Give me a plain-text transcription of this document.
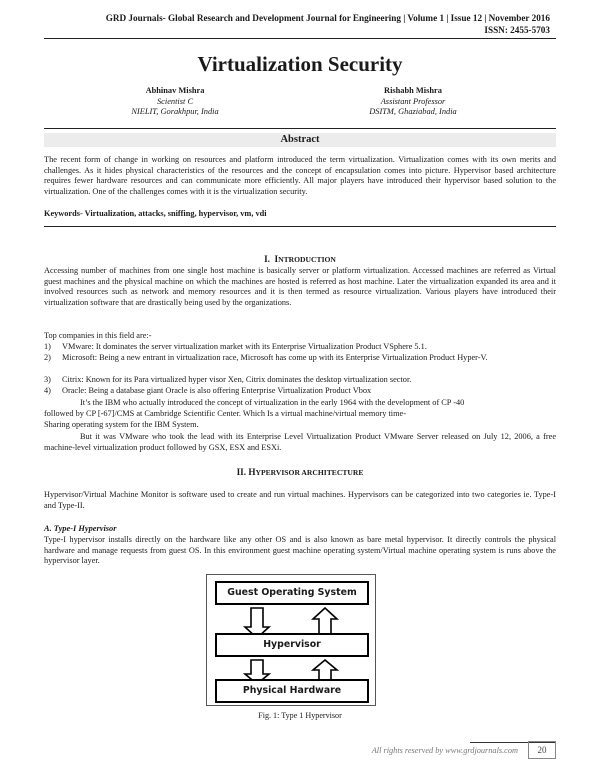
GRD Journals- Global Research and Development Journal for Engineering | Volume 1 | Issue 12 | November 2016
ISSN: 2455-5703
Virtualization Security
Abhinav Mishra
Scientist C
NIELIT, Gorakhpur, India
Rishabh Mishra
Assistant Professor
DSITM, Ghaziabad, India
Abstract
The recent form of change in working on resources and platform introduced the term virtualization. Virtualization comes with its own merits and challenges. As it hides physical characteristics of the resources and the concept of encapsulation comes into picture. Hypervisor based architecture requires fewer hardware resources and can communicate more efficiently. All major players have introduced their hypervisor based solution to the virtualization. One of the challenges comes with it is the virtualization security.
Keywords- Virtualization, attacks, sniffing, hypervisor, vm, vdi
I. INTRODUCTION
Accessing number of machines from one single host machine is basically server or platform virtualization. Accessed machines are referred as Virtual guest machines and the physical machine on which the machines are hosted is referred as host machine. Later the virtualization expanded its area and it involved resources such as network and memory resources and it is then termed as resource virtualization. Various players have introduced their virtualization software that are drastically being used by the organizations.
Top companies in this field are:-
1) VMware: It dominates the server virtualization market with its Enterprise Virtualization Product VSphere 5.1.
2) Microsoft: Being a new entrant in virtualization race, Microsoft has come up with its Enterprise Virtualization Product Hyper-V.
3) Citrix: Known for its Para virtualized hyper visor Xen, Citrix dominates the desktop virtualization sector.
4) Oracle: Being a database giant Oracle is also offering Enterprise Virtualization Product Vbox
It’s the IBM who actually introduced the concept of virtualization in the early 1964 with the development of CP -40
followed by CP [-67]/CMS at Cambridge Scientific Center. Which Is a virtual machine/virtual memory time-
Sharing operating system for the IBM System.
But it was VMware who took the lead with its Enterprise Level Virtualization Product VMware Server released on July 12, 2006, a free machine-level virtualization product followed by GSX, ESX and ESXi.
II. HYPERVISOR ARCHITECTURE
Hypervisor/Virtual Machine Monitor is software used to create and run virtual machines. Hypervisors can be categorized into two categories ie. Type-I and Type-II.
A. Type-I Hypervisor
Type-I hypervisor installs directly on the hardware like any other OS and is also known as bare metal hypervisor. It directly controls the physical hardware and manage requests from guest OS. In this environment guest machine operating system/Virtual machine operating system is runs above the hypervisor layer.
Guest Operating System
Hypervisor
Physical Hardware
Fig. 1: Type 1 Hypervisor
All rights reserved by www.grdjournals.com	20
